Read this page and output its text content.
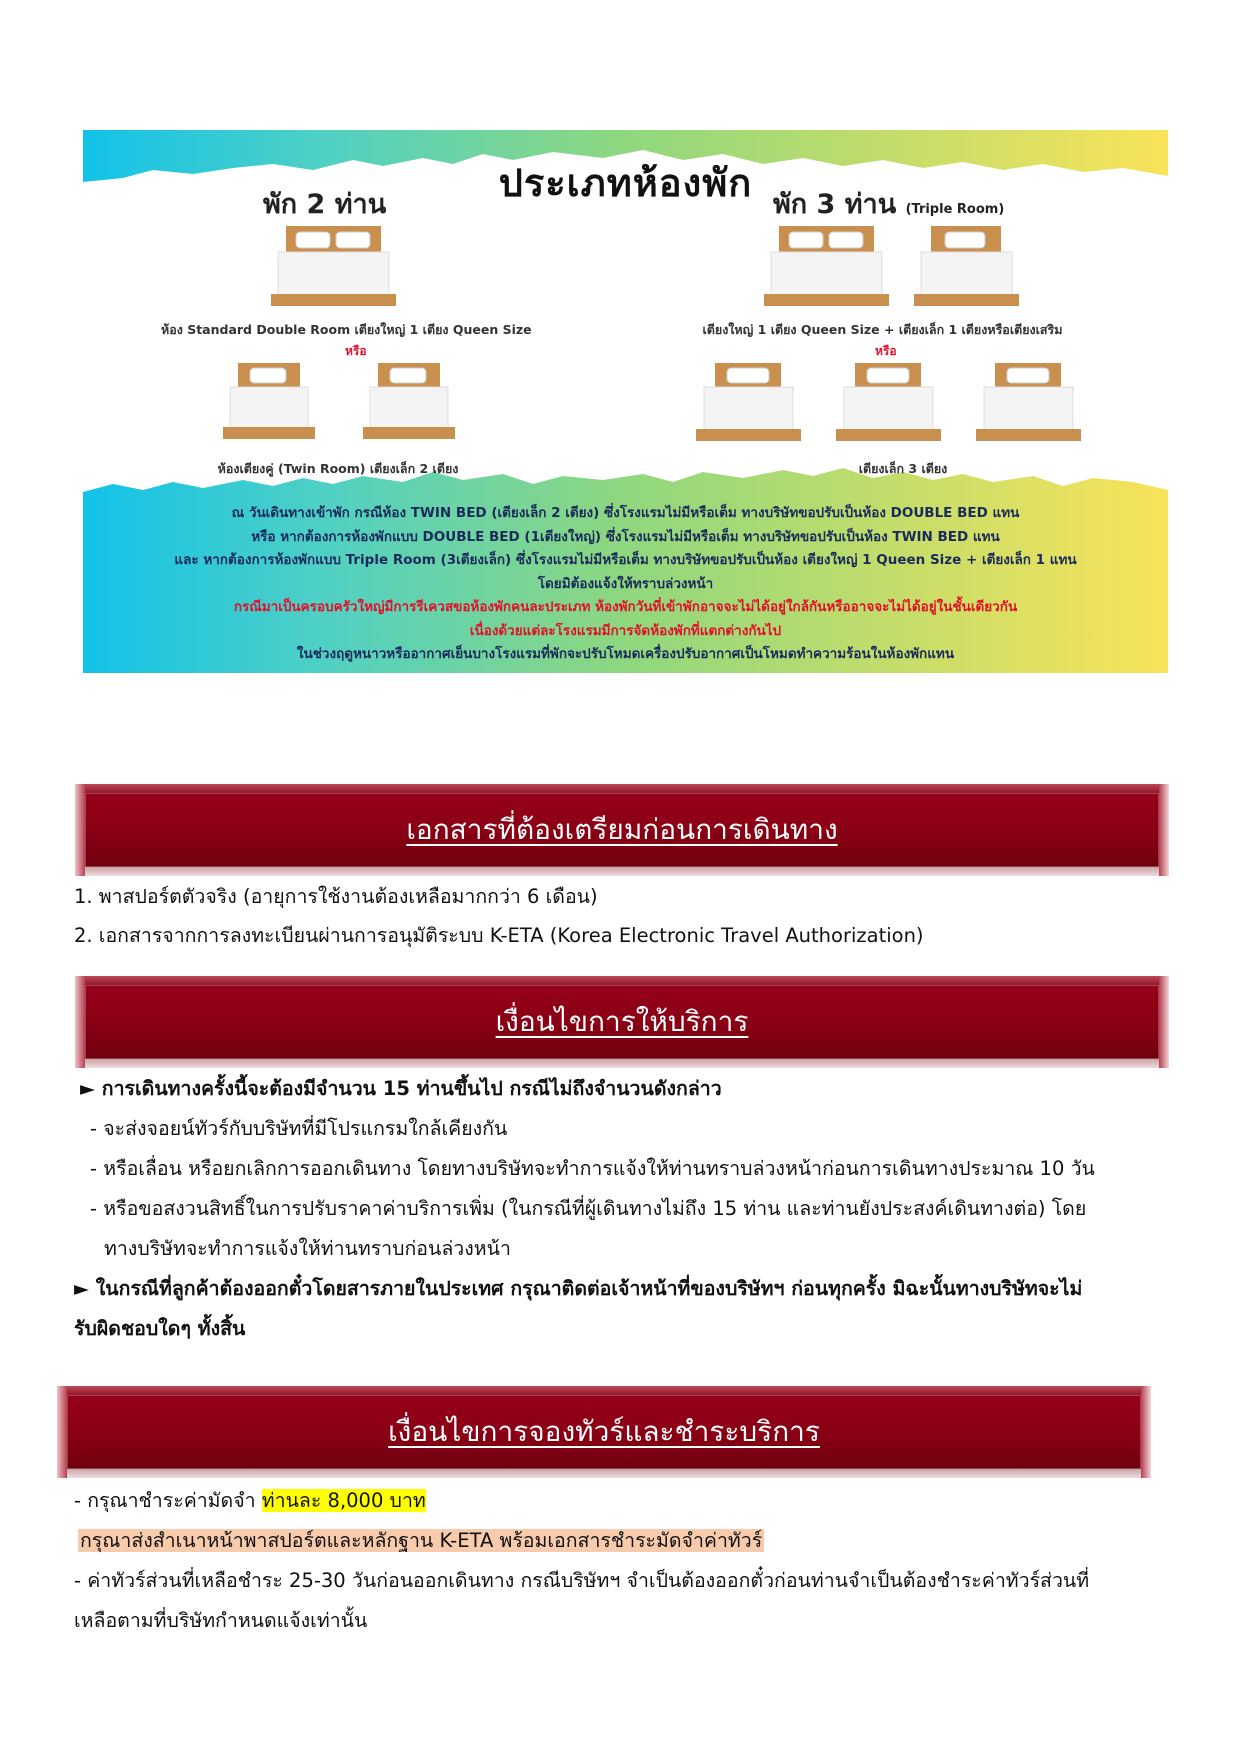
ประเภทห้องพัก
พัก 2 ท่าน	พัก 3 ท่าน (Triple Room)
ห้อง Standard Double Room เตียงใหญ่ 1 เตียง Queen Size
หรือ
ห้องเตียงคู่ (Twin Room) เตียงเล็ก 2 เตียง
เตียงใหญ่ 1 เตียง Queen Size + เตียงเล็ก 1 เตียงหรือเตียงเสริม
หรือ
เตียงเล็ก 3 เตียง
ณ วันเดินทางเข้าพัก กรณีห้อง TWIN BED (เตียงเล็ก 2 เตียง) ซึ่งโรงแรมไม่มีหรือเต็ม ทางบริษัทขอปรับเป็นห้อง DOUBLE BED แทน
หรือ หากต้องการห้องพักแบบ DOUBLE BED (1เตียงใหญ่) ซึ่งโรงแรมไม่มีหรือเต็ม ทางบริษัทขอปรับเป็นห้อง TWIN BED แทน
และ หากต้องการห้องพักแบบ Triple Room (3เตียงเล็ก) ซึ่งโรงแรมไม่มีหรือเต็ม ทางบริษัทขอปรับเป็นห้อง เตียงใหญ่ 1 Queen Size + เตียงเล็ก 1 แทน
โดยมิต้องแจ้งให้ทราบล่วงหน้า
กรณีมาเป็นครอบครัวใหญ่มีการรีเควสขอห้องพักคนละประเภท ห้องพักวันที่เข้าพักอาจจะไม่ได้อยู่ใกล้กันหรืออาจจะไม่ได้อยู่ในชั้นเดียวกัน
เนื่องด้วยแต่ละโรงแรมมีการจัดห้องพักที่แตกต่างกันไป
ในช่วงฤดูหนาวหรืออากาศเย็นบางโรงแรมที่พักจะปรับโหมดเครื่องปรับอากาศเป็นโหมดทำความร้อนในห้องพักแทน
เอกสารที่ต้องเตรียมก่อนการเดินทาง
1. พาสปอร์ตตัวจริง (อายุการใช้งานต้องเหลือมากกว่า 6 เดือน)
2. เอกสารจากการลงทะเบียนผ่านการอนุมัติระบบ K-ETA (Korea Electronic Travel Authorization)
เงื่อนไขการให้บริการ
► การเดินทางครั้งนี้จะต้องมีจำนวน 15 ท่านขึ้นไป กรณีไม่ถึงจำนวนดังกล่าว
- จะส่งจอยน์ทัวร์กับบริษัทที่มีโปรแกรมใกล้เคียงกัน
- หรือเลื่อน หรือยกเลิกการออกเดินทาง โดยทางบริษัทจะทำการแจ้งให้ท่านทราบล่วงหน้าก่อนการเดินทางประมาณ 10 วัน
- หรือขอสงวนสิทธิ์ในการปรับราคาค่าบริการเพิ่ม (ในกรณีที่ผู้เดินทางไม่ถึง 15 ท่าน และท่านยังประสงค์เดินทางต่อ) โดย
ทางบริษัทจะทำการแจ้งให้ท่านทราบก่อนล่วงหน้า
► ในกรณีที่ลูกค้าต้องออกตั๋วโดยสารภายในประเทศ กรุณาติดต่อเจ้าหน้าที่ของบริษัทฯ ก่อนทุกครั้ง มิฉะนั้นทางบริษัทจะไม่
รับผิดชอบใดๆ ทั้งสิ้น
เงื่อนไขการจองทัวร์และชำระบริการ
- กรุณาชำระค่ามัดจำ ท่านละ 8,000 บาท
กรุณาส่งสำเนาหน้าพาสปอร์ตและหลักฐาน K-ETA พร้อมเอกสารชำระมัดจำค่าทัวร์
- ค่าทัวร์ส่วนที่เหลือชำระ 25-30 วันก่อนออกเดินทาง กรณีบริษัทฯ จำเป็นต้องออกตั๋วก่อนท่านจำเป็นต้องชำระค่าทัวร์ส่วนที่
เหลือตามที่บริษัทกำหนดแจ้งเท่านั้น
